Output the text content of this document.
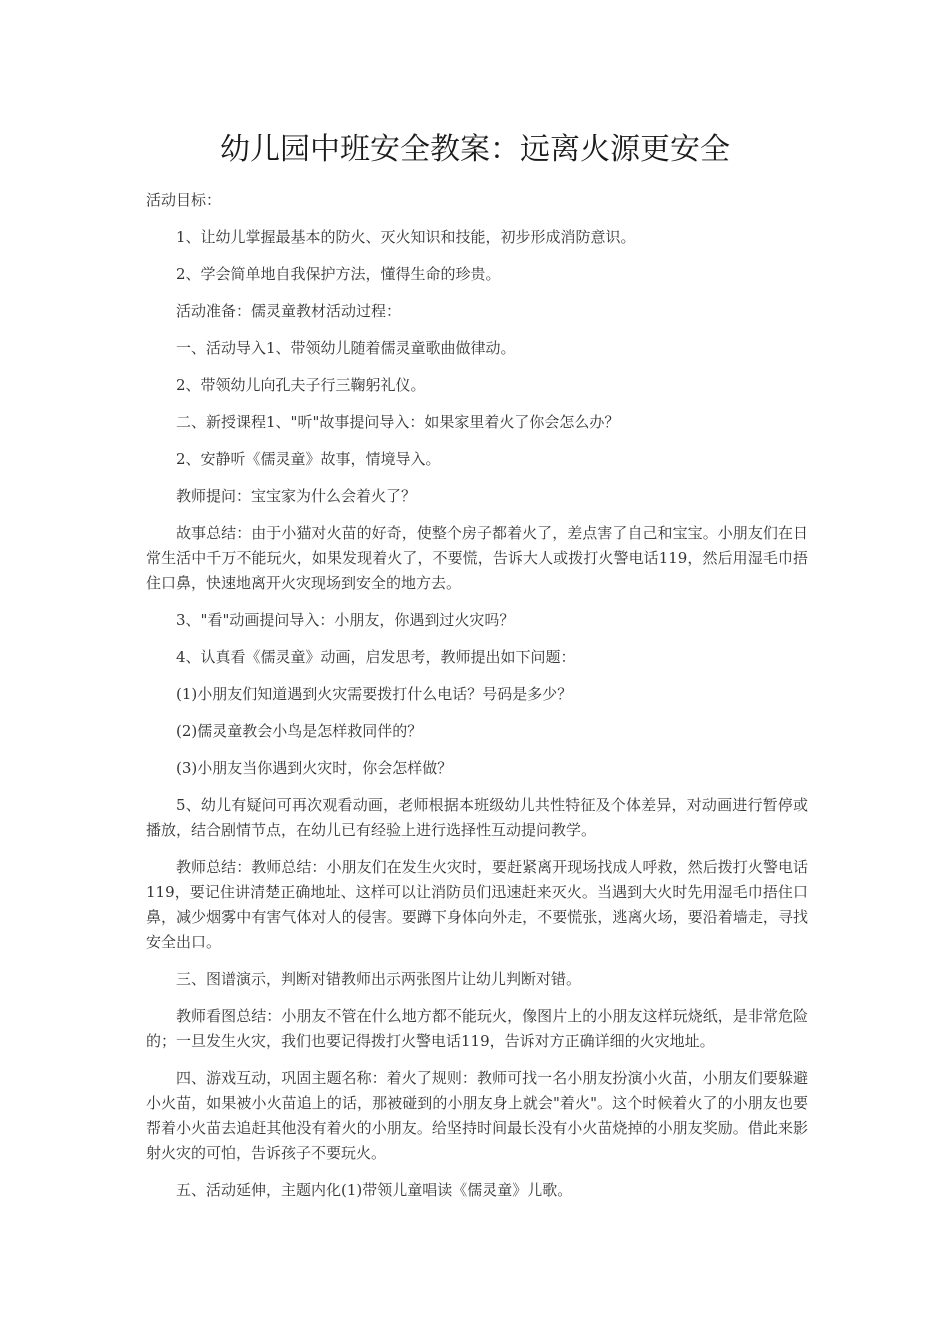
幼儿园中班安全教案：远离火源更安全

活动目标：

1、让幼儿掌握最基本的防火、灭火知识和技能，初步形成消防意识。

2、学会简单地自我保护方法，懂得生命的珍贵。

活动准备：儒灵童教材活动过程：

一、活动导入1、带领幼儿随着儒灵童歌曲做律动。

2、带领幼儿向孔夫子行三鞠躬礼仪。

二、新授课程1、"听"故事提问导入：如果家里着火了你会怎么办？

2、安静听《儒灵童》故事，情境导入。

教师提问：宝宝家为什么会着火了？

故事总结：由于小猫对火苗的好奇，使整个房子都着火了，差点害了自己和宝宝。小朋友们在日常生活中千万不能玩火，如果发现着火了，不要慌，告诉大人或拨打火警电话119，然后用湿毛巾捂住口鼻，快速地离开火灾现场到安全的地方去。

3、"看"动画提问导入：小朋友，你遇到过火灾吗？

4、认真看《儒灵童》动画，启发思考，教师提出如下问题：

(1)小朋友们知道遇到火灾需要拨打什么电话？号码是多少？

(2)儒灵童教会小鸟是怎样救同伴的？

(3)小朋友当你遇到火灾时，你会怎样做？

5、幼儿有疑问可再次观看动画，老师根据本班级幼儿共性特征及个体差异，对动画进行暂停或播放，结合剧情节点，在幼儿已有经验上进行选择性互动提问教学。

教师总结：教师总结：小朋友们在发生火灾时，要赶紧离开现场找成人呼救，然后拨打火警电话119，要记住讲清楚正确地址、这样可以让消防员们迅速赶来灭火。当遇到大火时先用湿毛巾捂住口鼻，减少烟雾中有害气体对人的侵害。要蹲下身体向外走，不要慌张，逃离火场，要沿着墙走，寻找安全出口。

三、图谱演示，判断对错教师出示两张图片让幼儿判断对错。

教师看图总结：小朋友不管在什么地方都不能玩火，像图片上的小朋友这样玩烧纸，是非常危险的；一旦发生火灾，我们也要记得拨打火警电话119，告诉对方正确详细的火灾地址。

四、游戏互动，巩固主题名称：着火了规则：教师可找一名小朋友扮演小火苗，小朋友们要躲避小火苗，如果被小火苗追上的话，那被碰到的小朋友身上就会"着火"。这个时候着火了的小朋友也要帮着小火苗去追赶其他没有着火的小朋友。给坚持时间最长没有小火苗烧掉的小朋友奖励。借此来影射火灾的可怕，告诉孩子不要玩火。

五、活动延伸，主题内化(1)带领儿童唱读《儒灵童》儿歌。
